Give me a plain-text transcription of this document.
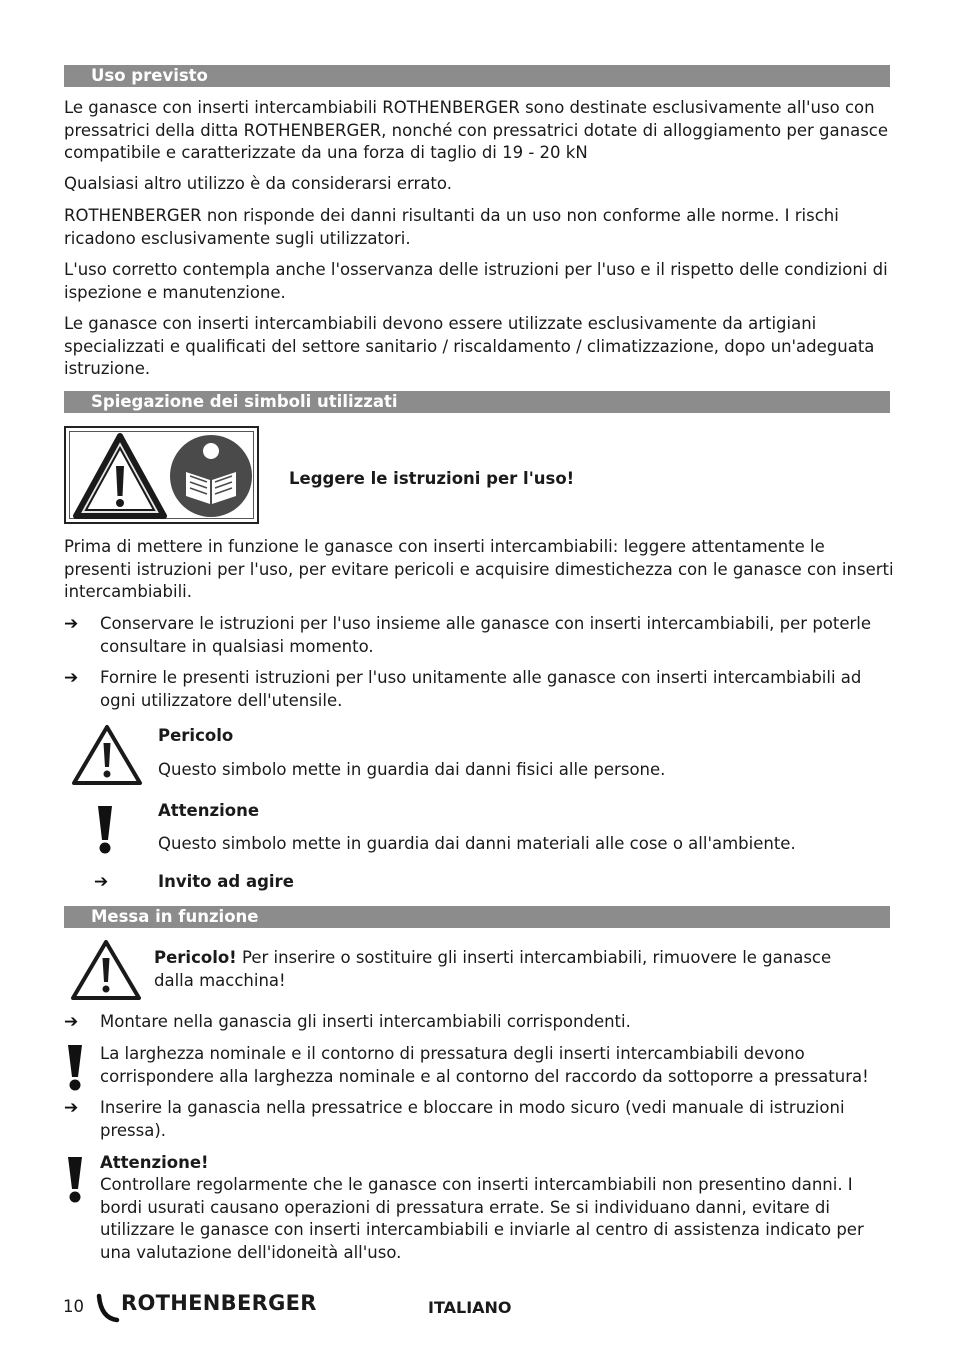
Uso previsto

Le ganasce con inserti intercambiabili ROTHENBERGER sono destinate esclusivamente all'uso con pressatrici della ditta ROTHENBERGER, nonché con pressatrici dotate di alloggiamento per ganasce compatibile e caratterizzate da una forza di taglio di 19 - 20 kN

Qualsiasi altro utilizzo è da considerarsi errato.

ROTHENBERGER non risponde dei danni risultanti da un uso non conforme alle norme. I rischi ricadono esclusivamente sugli utilizzatori.

L'uso corretto contempla anche l'osservanza delle istruzioni per l'uso e il rispetto delle condizioni di ispezione e manutenzione.

Le ganasce con inserti intercambiabili devono essere utilizzate esclusivamente da artigiani specializzati e qualificati del settore sanitario / riscaldamento / climatizzazione, dopo un'adeguata istruzione.

Spiegazione dei simboli utilizzati
Leggere le istruzioni per l'uso!

Prima di mettere in funzione le ganasce con inserti intercambiabili: leggere attentamente le presenti istruzioni per l'uso, per evitare pericoli e acquisire dimestichezza con le ganasce con inserti intercambiabili.

➔ Conservare le istruzioni per l'uso insieme alle ganasce con inserti intercambiabili, per poterle consultare in qualsiasi momento.

➔ Fornire le presenti istruzioni per l'uso unitamente alle ganasce con inserti intercambiabili ad ogni utilizzatore dell'utensile.

Pericolo
Questo simbolo mette in guardia dai danni fisici alle persone.
Attenzione
Questo simbolo mette in guardia dai danni materiali alle cose o all'ambiente.
➔	Invito ad agire
Messa in funzione

Pericolo! Per inserire o sostituire gli inserti intercambiabili, rimuovere le ganasce dalla macchina!

➔ Montare nella ganascia gli inserti intercambiabili corrispondenti.

La larghezza nominale e il contorno di pressatura degli inserti intercambiabili devono corrispondere alla larghezza nominale e al contorno del raccordo da sottoporre a pressatura!

➔ Inserire la ganascia nella pressatrice e bloccare in modo sicuro (vedi manuale di istruzioni pressa).

Attenzione!

Controllare regolarmente che le ganasce con inserti intercambiabili non presentino danni. I bordi usurati causano operazioni di pressatura errate. Se si individuano danni, evitare di utilizzare le ganasce con inserti intercambiabili e inviarle al centro di assistenza indicato per una valutazione dell'idoneità all'uso.

10 ROTHENBERGER	ITALIANO
